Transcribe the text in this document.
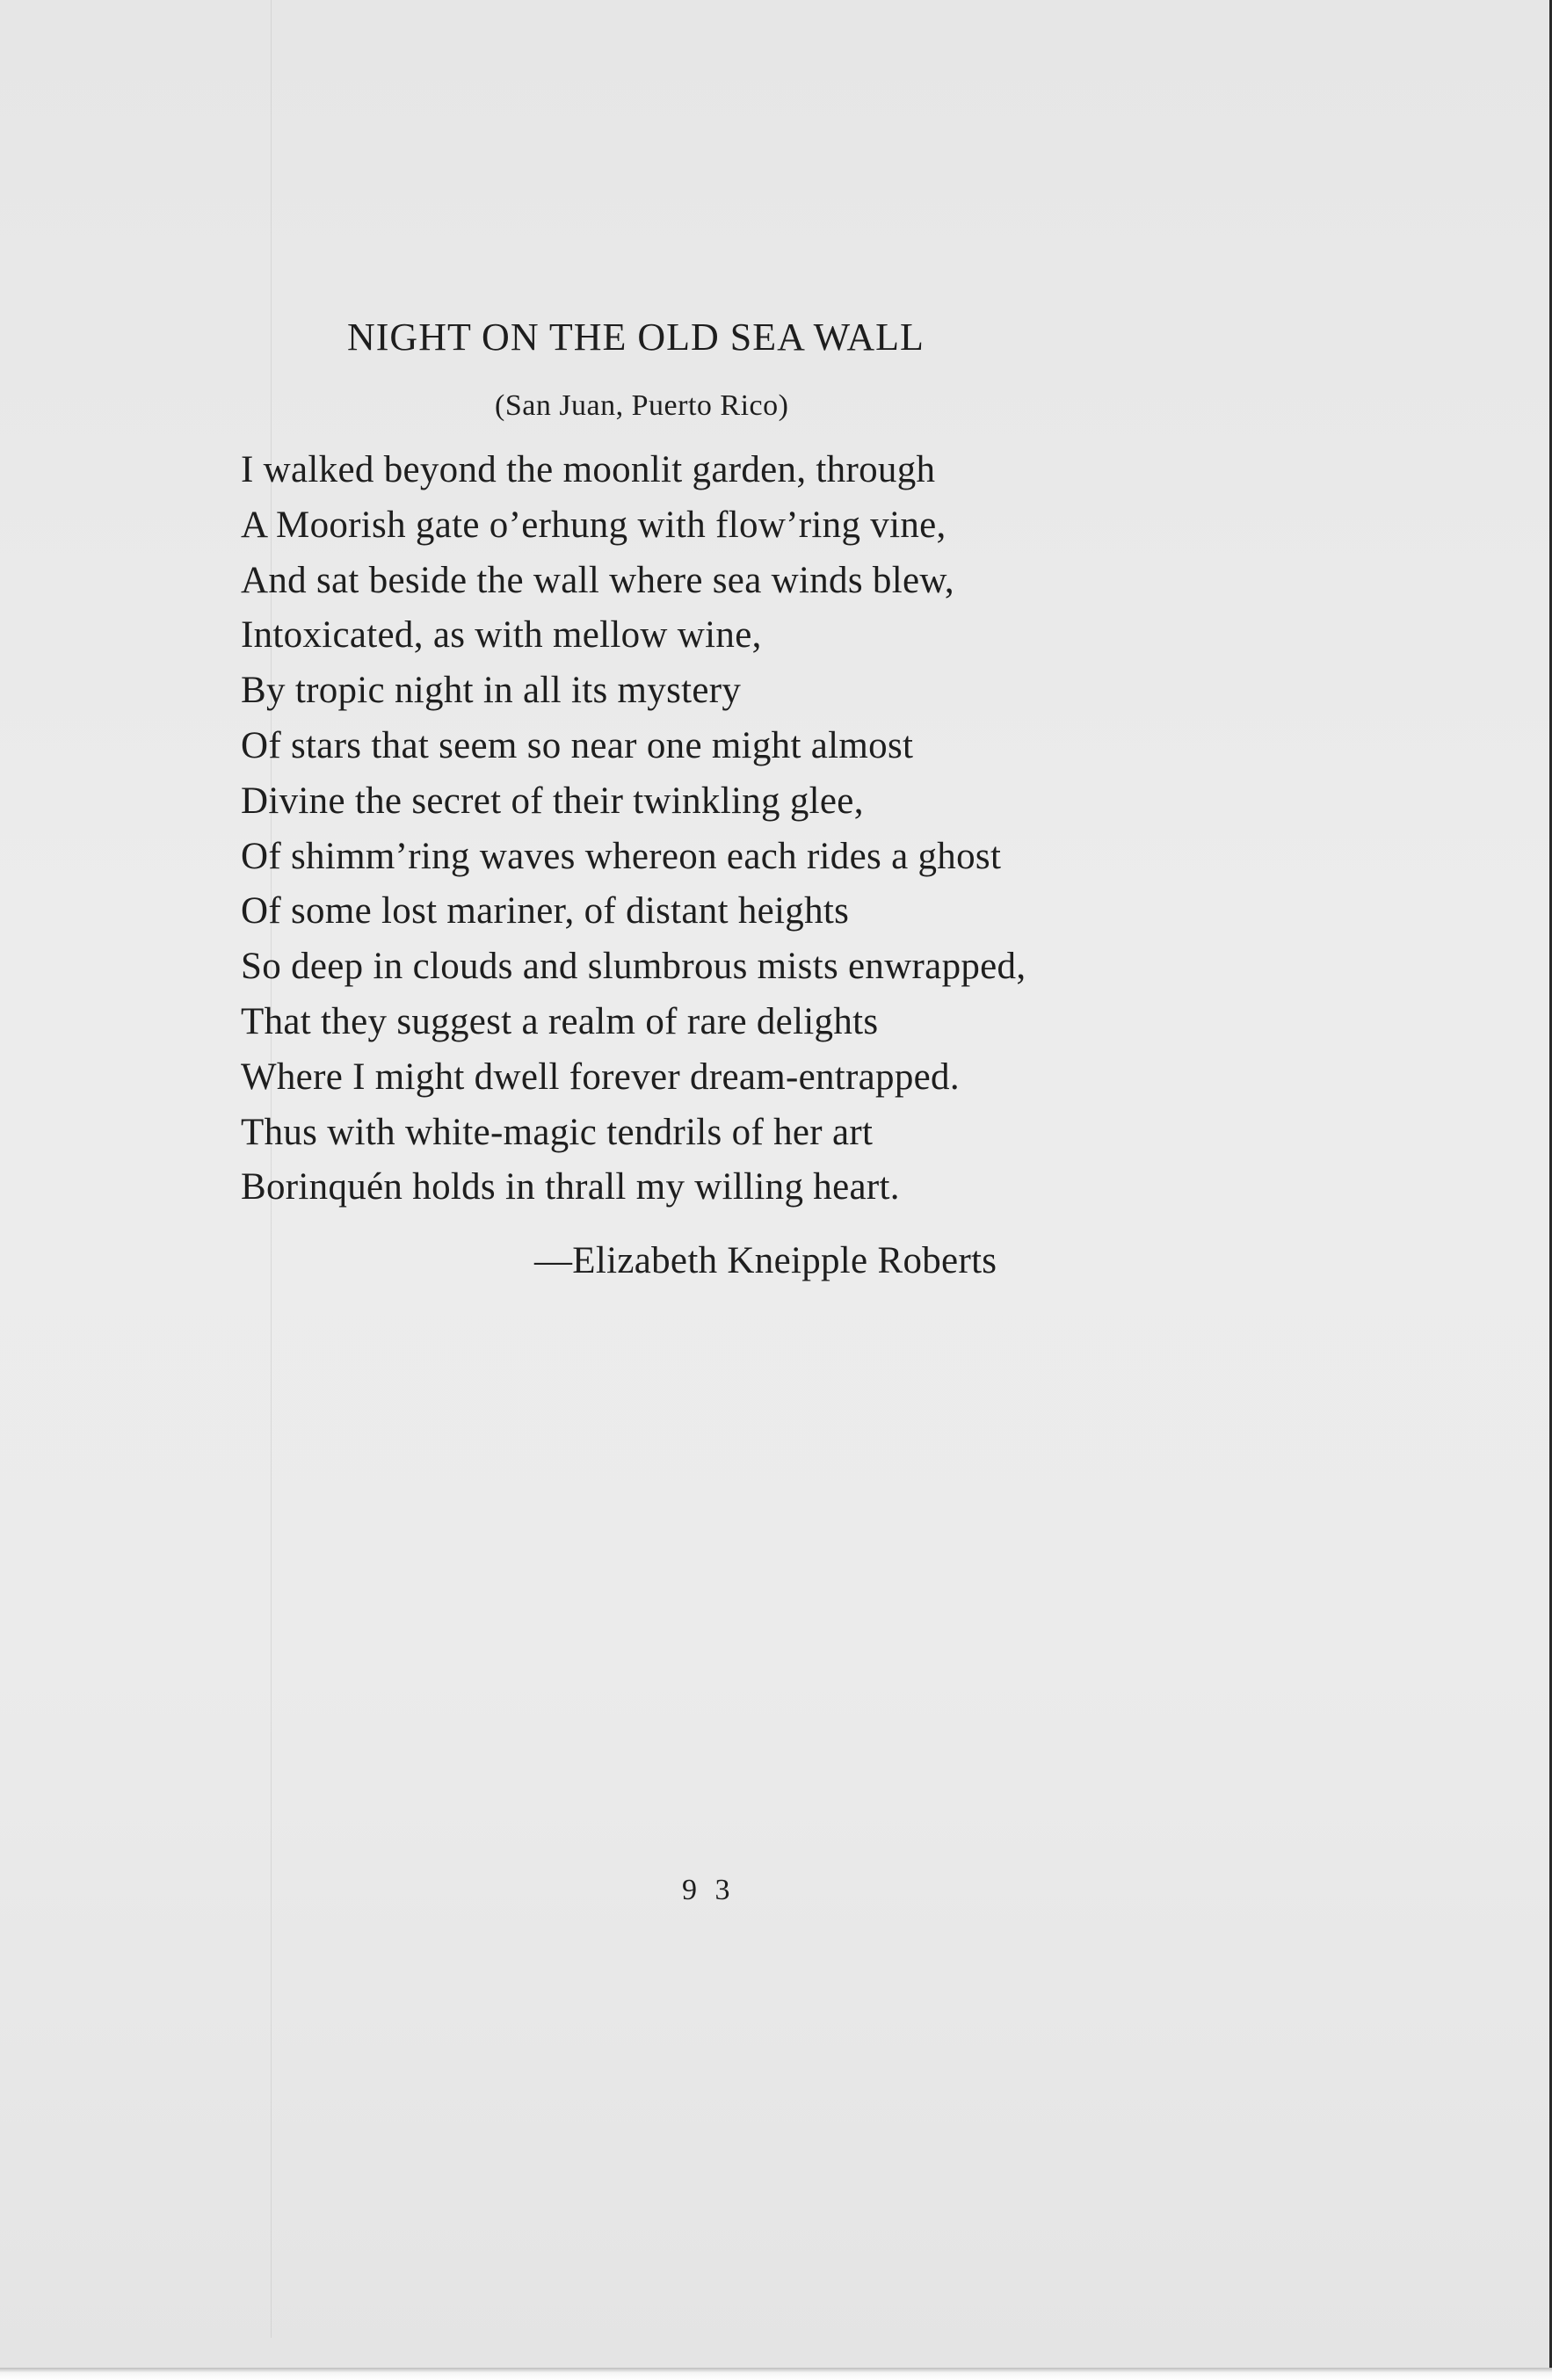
NIGHT ON THE OLD SEA WALL
(San Juan, Puerto Rico)
I walked beyond the moonlit garden, through
A Moorish gate o’erhung with flow’ring vine,
And sat beside the wall where sea winds blew,
Intoxicated, as with mellow wine,
By tropic night in all its mystery
Of stars that seem so near one might almost
Divine the secret of their twinkling glee,
Of shimm’ring waves whereon each rides a ghost
Of some lost mariner, of distant heights
So deep in clouds and slumbrous mists enwrapped,
That they suggest a realm of rare delights
Where I might dwell forever dream-entrapped.
Thus with white-magic tendrils of her art
Borinquén holds in thrall my willing heart.
—Elizabeth Kneipple Roberts
9 3
